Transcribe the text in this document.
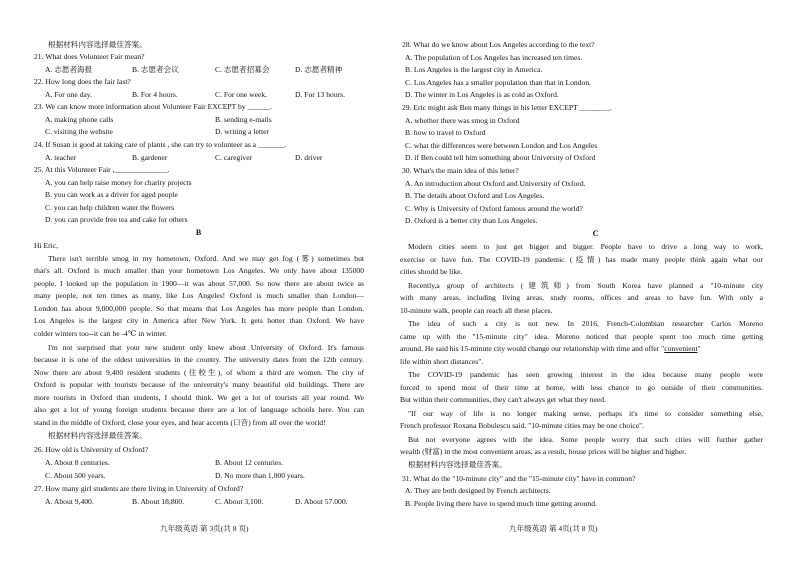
根据材料内容选择最佳答案。
21. What does Volunteer Fair mean?
A. 志愿者海报	B. 志愿者会议	C. 志愿者招募会	D. 志愿者精神
22. How long does the fair last?
A. For one day.	B. For 4 hours.	C. For one week.	D. For 13 hours.
23. We can know more information about Volunteer Fair EXCEPT by ______.
A. making phone calls	B. sending e-mails
C. visiting the website	D. writing a letter
24. If Susan is good at taking care of plants , she can try to volunteer as a _______.
A. teacher	B. gardener	C. caregiver	D. driver
25. At this Volunteer Fair ,______________.
A. you can help raise money for charity projects
B. you can work as a driver for aged people
C. you can help children water the flowers
D. you can provide free tea and cake for others
B
Hi Eric,
There isn't terrible smog in my hometown, Oxford. And we may get fog (雾) sometimes but
that's all. Oxford is much smaller than your hometown Los Angeles. We only have about 135000
people. I looked up the population in 1900—it was about 57,000. So now there are about twice as
many people, not ten times as many, like Los Angeles! Oxford is much smaller than London—
London has about 9,000,000 people. So that means that Los Angeles has more people than London.
Los Angeles is the largest city in America after New York. It gets hotter than Oxford. We have
colder winters too--it can be -4℃ in winter.
I'm not surprised that your new student only knew about University of Oxford. It's famous
because it is one of the oldest universities in the country. The university dates from the 12th century.
Now there are about 9,400 resident students (住校生), of whom a third are women. The city of
Oxford is popular with tourists because of the university's many beautiful old buildings. There are
more tourists in Oxford than students, I should think. We get a lot of tourists all year round. We
also get a lot of young foreign students because there are a lot of language schools here. You can
stand in the middle of Oxford, close your eyes, and hear accents (口音) from all over the world!
根据材料内容选择最佳答案。
26. How old is University of Oxford?
A. About 8 centuries.	B. About 12 centuries.
C. About 500 years.	D. No more than 1,000 years.
27. How many girl students are there living in University of Oxford?
A. About 9,400.	B. About 18,800.	C. About 3,100.	D. About 57.000.
九年级英语 第 3页(共 8 页)
28. What do we know about Los Angeles according to the text?
A. The population of Los Angeles has increased ten times.
B. Los Angeles is the largest city in America.
C. Los Angeles has a smaller population than that in London.
D. The winter in Los Angeles is as cold as Oxford.
29. Eric might ask Ben many things in his letter EXCEPT ________.
A. whether there was smog in Oxford
B. how to travel to Oxford
C. what the differences were between London and Los Angeles
D. if Ben could tell him something about University of Oxford
30. What's the main idea of this letter?
A. An introduction about Oxford and University of Oxford.
B. The details about Oxford and Los Angeles.
C. Why is University of Oxford famous around the world?
D. Oxford is a better city than Los Angeles.
C
Modern cities seem to just get bigger and bigger. People have to drive a long way to work,
exercise or have fun. The COVID-19 pandemic (疫情) has made many people think again what our
cities should be like.
Recently,a group of architects (建筑师) from South Korea have planned a "10-minute city
with many areas, including living areas, study rooms, offices and areas to have fun. With only a
10-minute walk, people can reach all these places.
The idea of such a city is not new. In 2016, French-Colombian researcher Carlos Moreno
came up with the "15-minute city" idea. Moreno noticed that people spent too much time getting
around. He said his 15-minute city would change our relationship with time and offer "convenient"
life within short distances".
The COVID-19 pandemic has seen growing interest in the idea because many people were
forced to spend most of their time at home, with less chance to go outside of their communities.
But within their communities, they can't always get what they need.
"If our way of life is no longer making sense, perhaps it's time to consider something else,
French professor Roxana Bobulescu said. "10-minute cities may be one choice".
But not everyone agrees with the idea. Some people worry that such cities will further gather
wealth (财富) in the most convenient areas, as a result, house prices will be higher and higher.
根据材料内容选择最佳答案。
31. What do the "10-minute city" and the "15-minute city" have in common?
A. They are both designed by French architects.
B. People living there have to spend much time getting around.
九年级英语 第 4页(共 8 页)
